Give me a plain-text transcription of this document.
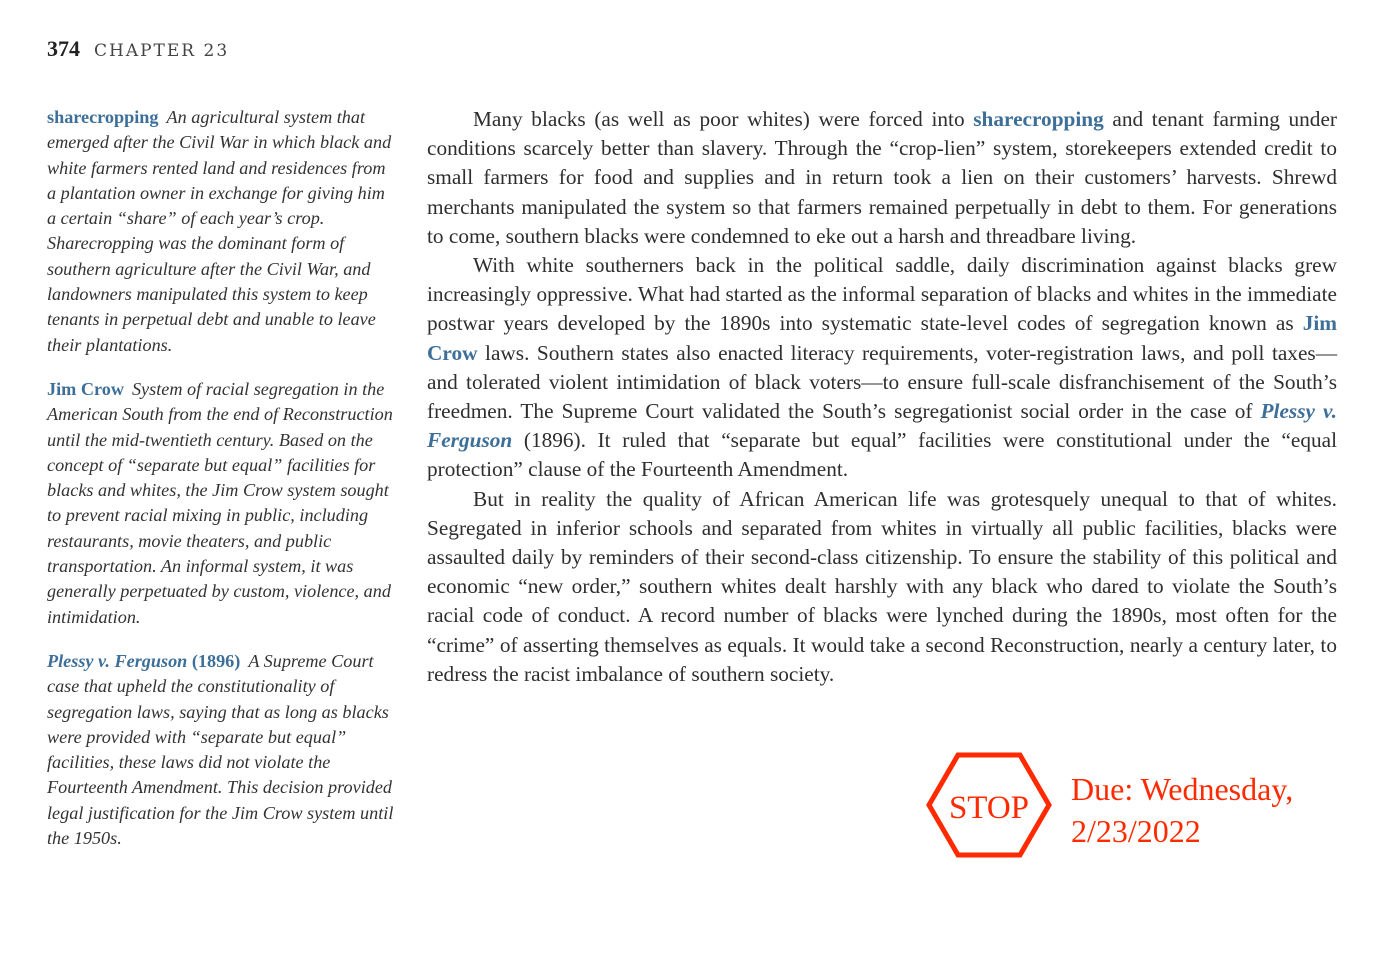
374 CHAPTER 23
sharecropping An agricultural system that emerged after the Civil War in which black and white farmers rented land and residences from a plantation owner in exchange for giving him a certain “share” of each year’s crop. Sharecropping was the dominant form of southern agriculture after the Civil War, and landowners manipulated this system to keep tenants in perpetual debt and unable to leave their plantations.
Jim Crow System of racial segregation in the American South from the end of Reconstruction until the mid-twentieth century. Based on the concept of “separate but equal” facilities for blacks and whites, the Jim Crow system sought to prevent racial mixing in public, including restaurants, movie theaters, and public transportation. An informal system, it was generally perpetuated by custom, violence, and intimidation.
Plessy v. Ferguson (1896) A Supreme Court case that upheld the constitutionality of segregation laws, saying that as long as blacks were provided with “separate but equal” facilities, these laws did not violate the Fourteenth Amendment. This decision provided legal justification for the Jim Crow system until the 1950s.

Many blacks (as well as poor whites) were forced into sharecropping and tenant farming under conditions scarcely better than slavery. Through the “crop-lien” system, storekeepers extended credit to small farmers for food and supplies and in return took a lien on their customers’ harvests. Shrewd merchants manipulated the system so that farmers remained perpetually in debt to them. For generations to come, southern blacks were condemned to eke out a harsh and threadbare living.

With white southerners back in the political saddle, daily discrimination against blacks grew increasingly oppressive. What had started as the informal separation of blacks and whites in the immediate postwar years developed by the 1890s into systematic state-level codes of segregation known as Jim Crow laws. Southern states also enacted literacy requirements, voter-registration laws, and poll taxes—and tolerated violent intimidation of black voters—to ensure full-scale disfranchisement of the South’s freedmen. The Supreme Court validated the South’s segregationist social order in the case of Plessy v. Ferguson (1896). It ruled that “separate but equal” facilities were constitutional under the “equal protection” clause of the Fourteenth Amendment.

But in reality the quality of African American life was grotesquely unequal to that of whites. Segregated in inferior schools and separated from whites in virtually all public facilities, blacks were assaulted daily by reminders of their second-class citizenship. To ensure the stability of this political and economic “new order,” southern whites dealt harshly with any black who dared to violate the South’s racial code of conduct. A record number of blacks were lynched during the 1890s, most often for the “crime” of asserting themselves as equals. It would take a second Reconstruction, nearly a century later, to redress the racist imbalance of southern society.

STOP
Due: Wednesday,
2/23/2022
